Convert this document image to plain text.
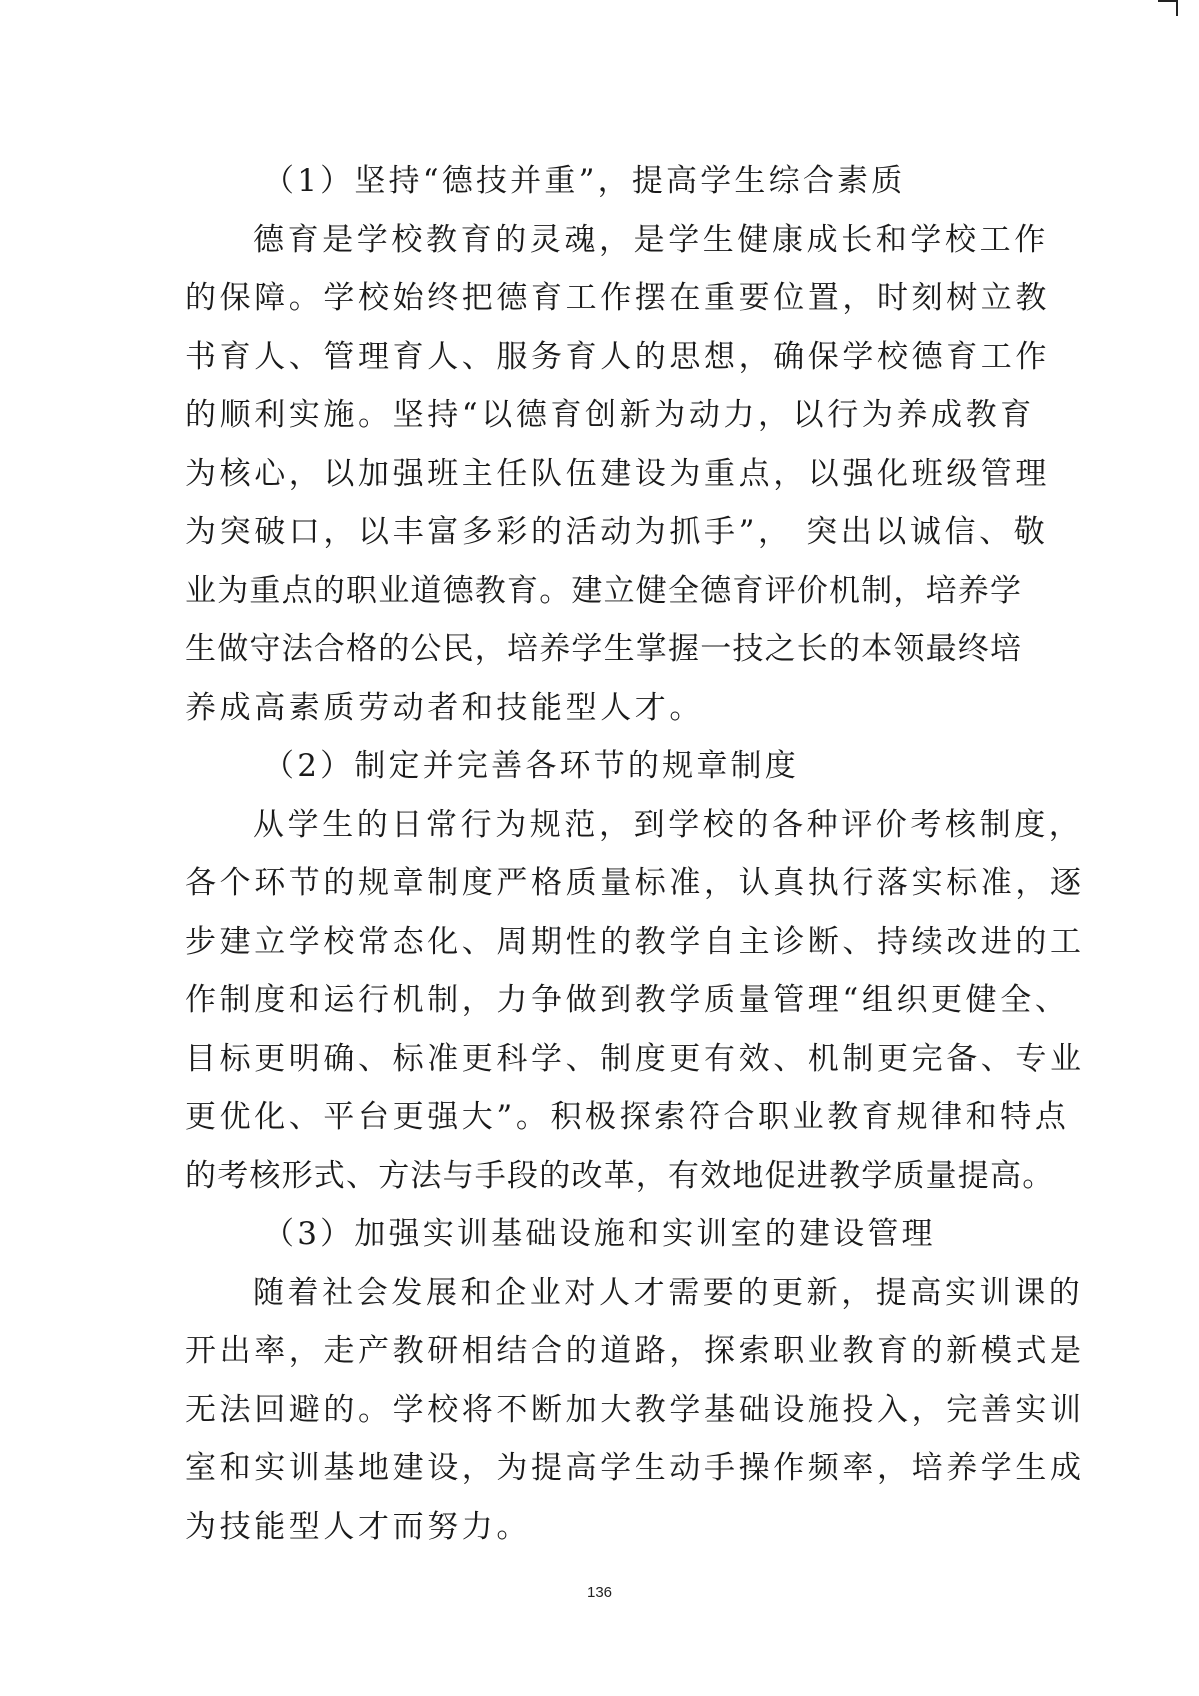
（1）坚持“德技并重”，提高学生综合素质
德育是学校教育的灵魂，是学生健康成长和学校工作
的保障。学校始终把德育工作摆在重要位置，时刻树立教
书育人、管理育人、服务育人的思想，确保学校德育工作
的顺利实施。坚持“以德育创新为动力，以行为养成教育
为核心，以加强班主任队伍建设为重点，以强化班级管理
为突破口，以丰富多彩的活动为抓手”， 突出以诚信、敬
业为重点的职业道德教育。建立健全德育评价机制，培养学
生做守法合格的公民，培养学生掌握一技之长的本领最终培
养成高素质劳动者和技能型人才。
（2）制定并完善各环节的规章制度
从学生的日常行为规范，到学校的各种评价考核制度，
各个环节的规章制度严格质量标准，认真执行落实标准，逐
步建立学校常态化、周期性的教学自主诊断、持续改进的工
作制度和运行机制，力争做到教学质量管理“组织更健全、
目标更明确、标准更科学、制度更有效、机制更完备、专业
更优化、平台更强大”。积极探索符合职业教育规律和特点
的考核形式、方法与手段的改革，有效地促进教学质量提高。
（3）加强实训基础设施和实训室的建设管理
随着社会发展和企业对人才需要的更新，提高实训课的
开出率，走产教研相结合的道路，探索职业教育的新模式是
无法回避的。学校将不断加大教学基础设施投入，完善实训
室和实训基地建设，为提高学生动手操作频率，培养学生成
为技能型人才而努力。
136
